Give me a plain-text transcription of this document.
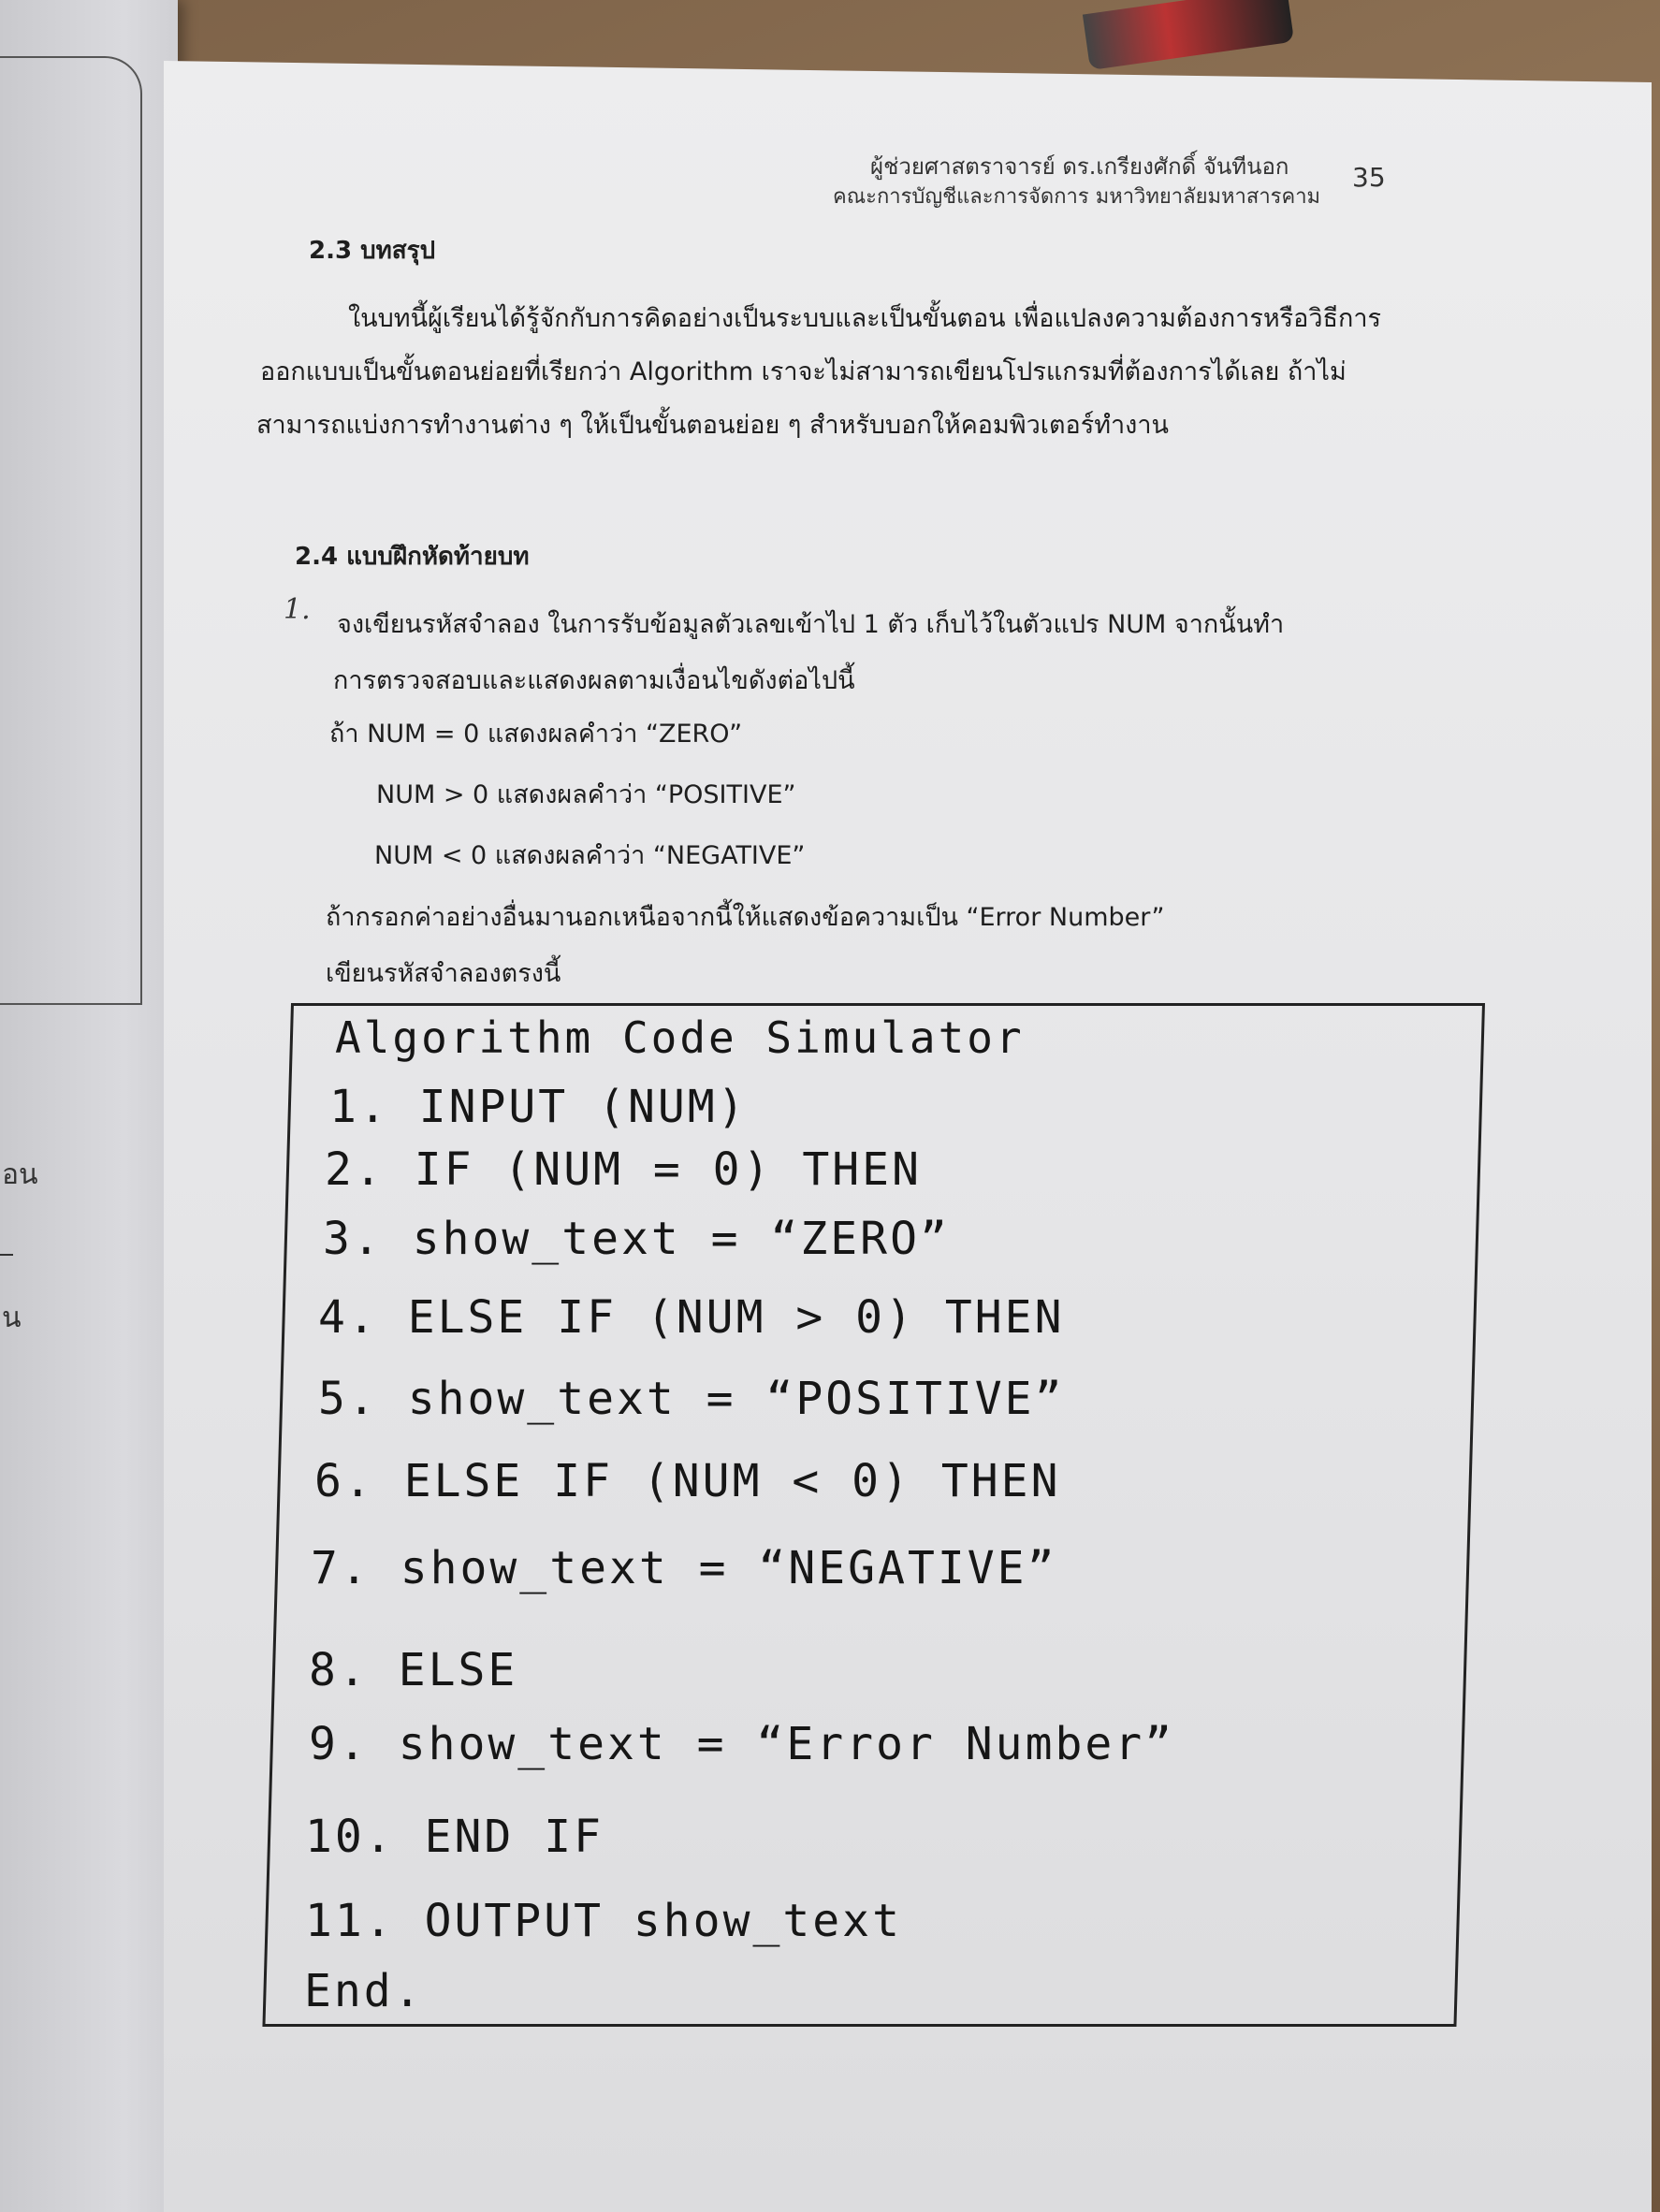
อน
น
ผู้ช่วยศาสตราจารย์ ดร.เกรียงศักดิ์ จันทีนอก
คณะการบัญชีและการจัดการ มหาวิทยาลัยมหาสารคาม
35
2.3 บทสรุป
ในบทนี้ผู้เรียนได้รู้จักกับการคิดอย่างเป็นระบบและเป็นขั้นตอน เพื่อแปลงความต้องการหรือวิธีการ
ออกแบบเป็นขั้นตอนย่อยที่เรียกว่า Algorithm เราจะไม่สามารถเขียนโปรแกรมที่ต้องการได้เลย ถ้าไม่
สามารถแบ่งการทำงานต่าง ๆ ให้เป็นขั้นตอนย่อย ๆ สำหรับบอกให้คอมพิวเตอร์ทำงาน
2.4 แบบฝึกหัดท้ายบท
1. จงเขียนรหัสจำลอง ในการรับข้อมูลตัวเลขเข้าไป 1 ตัว เก็บไว้ในตัวแปร NUM จากนั้นทำ
การตรวจสอบและแสดงผลตามเงื่อนไขดังต่อไปนี้
ถ้า NUM = 0 แสดงผลคำว่า “ZERO”
NUM > 0 แสดงผลคำว่า “POSITIVE”
NUM < 0 แสดงผลคำว่า “NEGATIVE”
ถ้ากรอกค่าอย่างอื่นมานอกเหนือจากนี้ให้แสดงข้อความเป็น “Error Number”
เขียนรหัสจำลองตรงนี้
Algorithm Code Simulator
1. INPUT (NUM)
2. IF (NUM = 0) THEN
3. show_text = “ZERO”
4. ELSE IF (NUM > 0) THEN
5. show_text = “POSITIVE”
6. ELSE IF (NUM < 0) THEN
7. show_text = “NEGATIVE”
8. ELSE
9. show_text = “Error Number”
10. END IF
11. OUTPUT show_text
End.
